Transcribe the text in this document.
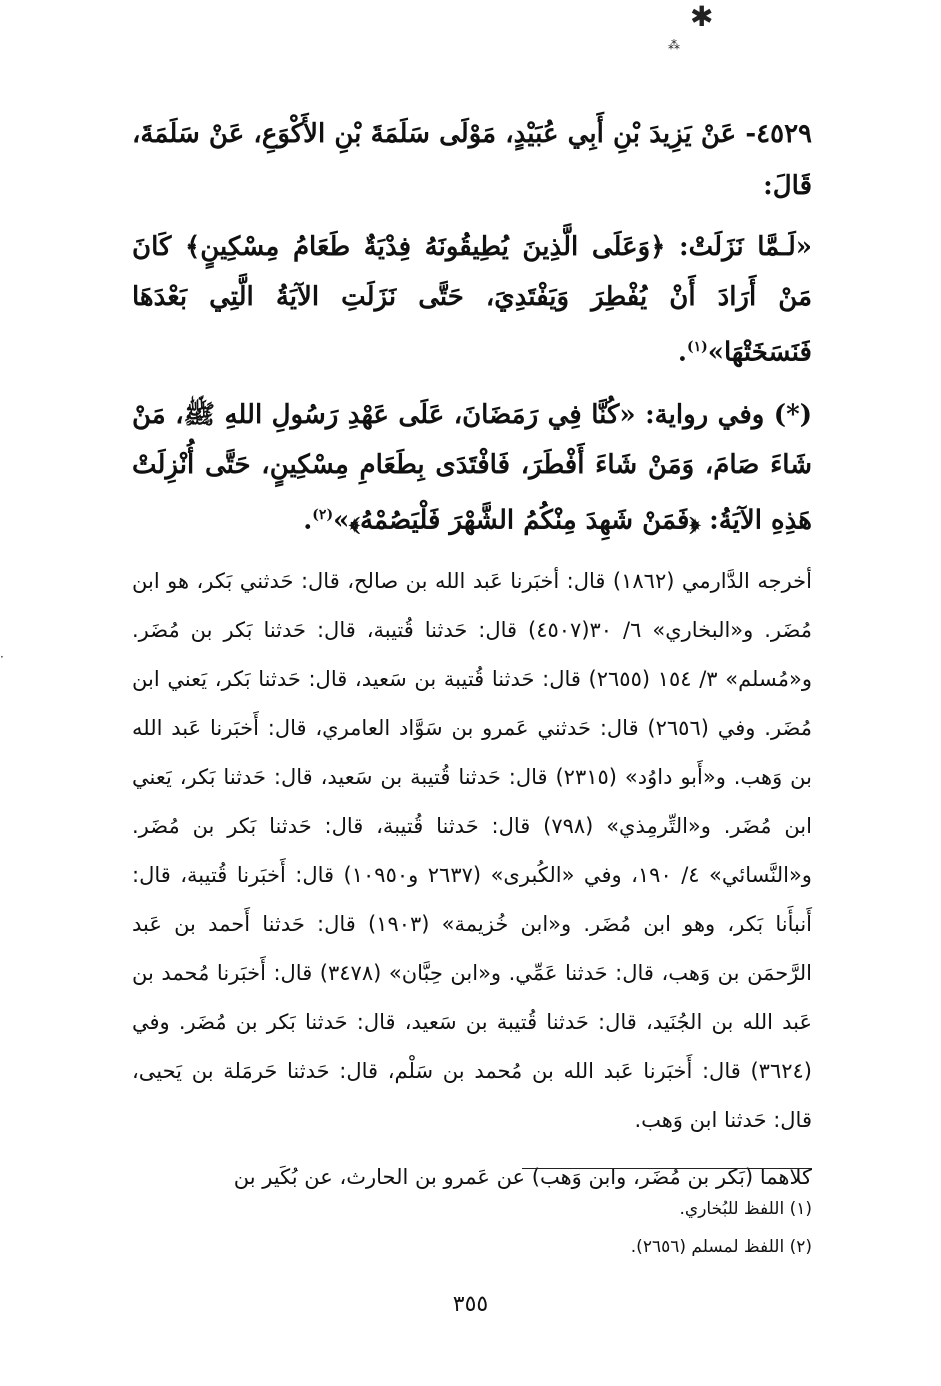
✱
⁂
·

٤٥٢٩- عَنْ يَزِيدَ بْنِ أَبِي عُبَيْدٍ، مَوْلَى سَلَمَةَ بْنِ الأَكْوَعِ، عَنْ سَلَمَةَ، قَالَ:

«لَـمَّا نَزَلَتْ: ﴿وَعَلَى الَّذِينَ يُطِيقُونَهُ فِدْيَةٌ طَعَامُ مِسْكِينٍ﴾ كَانَ مَنْ أَرَادَ أَنْ يُفْطِرَ وَيَفْتَدِيَ، حَتَّى نَزَلَتِ الآيَةُ الَّتِي بَعْدَهَا فَنَسَخَتْهَا»$^{(١)}$.

(*) وفي رواية: «كُنَّا فِي رَمَضَانَ، عَلَى عَهْدِ رَسُولِ اللهِ ﷺ، مَنْ شَاءَ صَامَ، وَمَنْ شَاءَ أَفْطَرَ، فَافْتَدَى بِطَعَامِ مِسْكِينٍ، حَتَّى أُنْزِلَتْ هَذِهِ الآيَةُ: ﴿فَمَنْ شَهِدَ مِنْكُمُ الشَّهْرَ فَلْيَصُمْهُ﴾»$^{(٢)}$.

أخرجه الدَّارمي (١٨٦٢) قال: أخبَرنا عَبد الله بن صالح، قال: حَدثني بَكر، هو ابن مُضَر. و«البخاري» ٦/ ٣٠(٤٥٠٧) قال: حَدثنا قُتيبة، قال: حَدثنا بَكر بن مُضَر. و«مُسلم» ٣/ ١٥٤ (٢٦٥٥) قال: حَدثنا قُتيبة بن سَعيد، قال: حَدثنا بَكر، يَعني ابن مُضَر. وفي (٢٦٥٦) قال: حَدثني عَمرو بن سَوَّاد العامري، قال: أَخبَرنا عَبد الله بن وَهب. و«أَبو داوُد» (٢٣١٥) قال: حَدثنا قُتيبة بن سَعيد، قال: حَدثنا بَكر، يَعني ابن مُضَر. و«التِّرمِذي» (٧٩٨) قال: حَدثنا قُتيبة، قال: حَدثنا بَكر بن مُضَر. و«النَّسائي» ٤/ ١٩٠، وفي «الكُبرى» (٢٦٣٧ و١٠٩٥٠) قال: أَخبَرنا قُتيبة، قال: أَنبأَنا بَكر، وهو ابن مُضَر. و«ابن خُزيمة» (١٩٠٣) قال: حَدثنا أَحمد بن عَبد الرَّحمَن بن وَهب، قال: حَدثنا عَمِّي. و«ابن حِبَّان» (٣٤٧٨) قال: أَخبَرنا مُحمد بن عَبد الله بن الجُنَيد، قال: حَدثنا قُتيبة بن سَعيد، قال: حَدثنا بَكر بن مُضَر. وفي (٣٦٢٤) قال: أَخبَرنا عَبد الله بن مُحمد بن سَلْم، قال: حَدثنا حَرمَلة بن يَحيى، قال: حَدثنا ابن وَهب.

كلاهما (بَكر بن مُضَر، وابن وَهب) عن عَمرو بن الحارث، عن بُكَير بن

(١) اللفظ للبُخاري.

(٢) اللفظ لمسلم (٢٦٥٦).

٣٥٥
